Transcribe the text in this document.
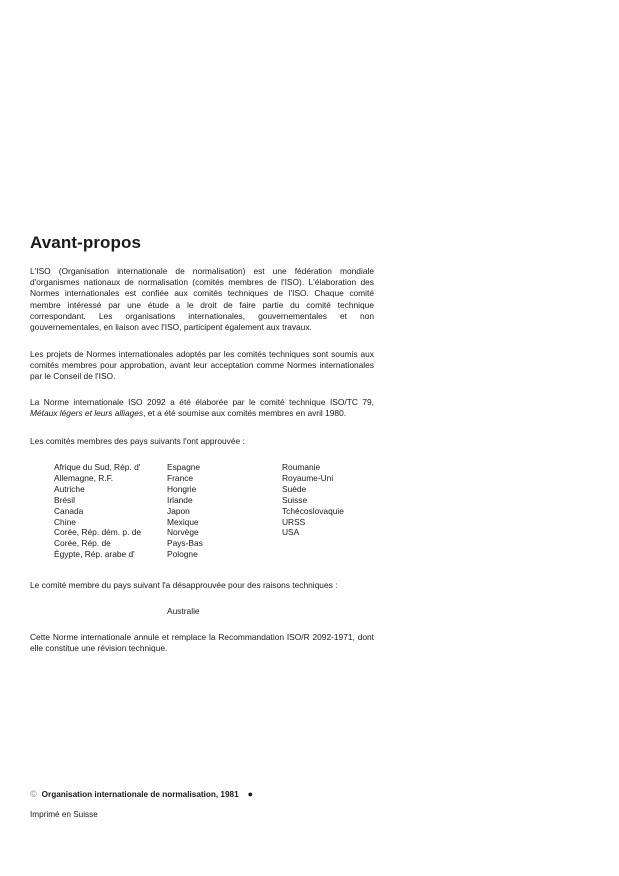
Avant-propos

L'ISO (Organisation internationale de normalisation) est une fédération mondiale d'organismes nationaux de normalisation (comités membres de l'ISO). L'élaboration des Normes internationales est confiée aux comités techniques de l'ISO. Chaque comité membre intéressé par une étude a le droit de faire partie du comité technique correspondant. Les organisations internationales, gouvernementales et non gouvernementales, en liaison avec l'ISO, participent également aux travaux.

Les projets de Normes internationales adoptés par les comités techniques sont soumis aux comités membres pour approbation, avant leur acceptation comme Normes internationales par le Conseil de l'ISO.

La Norme internationale ISO 2092 a été élaborée par le comité technique ISO/TC 79, Métaux légers et leurs alliages, et a été soumise aux comités membres en avril 1980.

Les comités membres des pays suivants l'ont approuvée :

Afrique du Sud, Rép. d'
Allemagne, R.F.
Autriche
Brésil
Canada
Chine
Corée, Rép. dém. p. de
Corée, Rép. de
Égypte, Rép. arabe d'
Espagne
France
Hongrie
Irlande
Japon
Mexique
Norvège
Pays-Bas
Pologne
Roumanie
Royaume-Uni
Suède
Suisse
Tchécoslovaquie
URSS
USA

Le comité membre du pays suivant l'a désapprouvée pour des raisons techniques :

Australie

Cette Norme internationale annule et remplace la Recommandation ISO/R 2092-1971, dont elle constitue une révision technique.

© Organisation internationale de normalisation, 1981 ●

Imprimé en Suisse
